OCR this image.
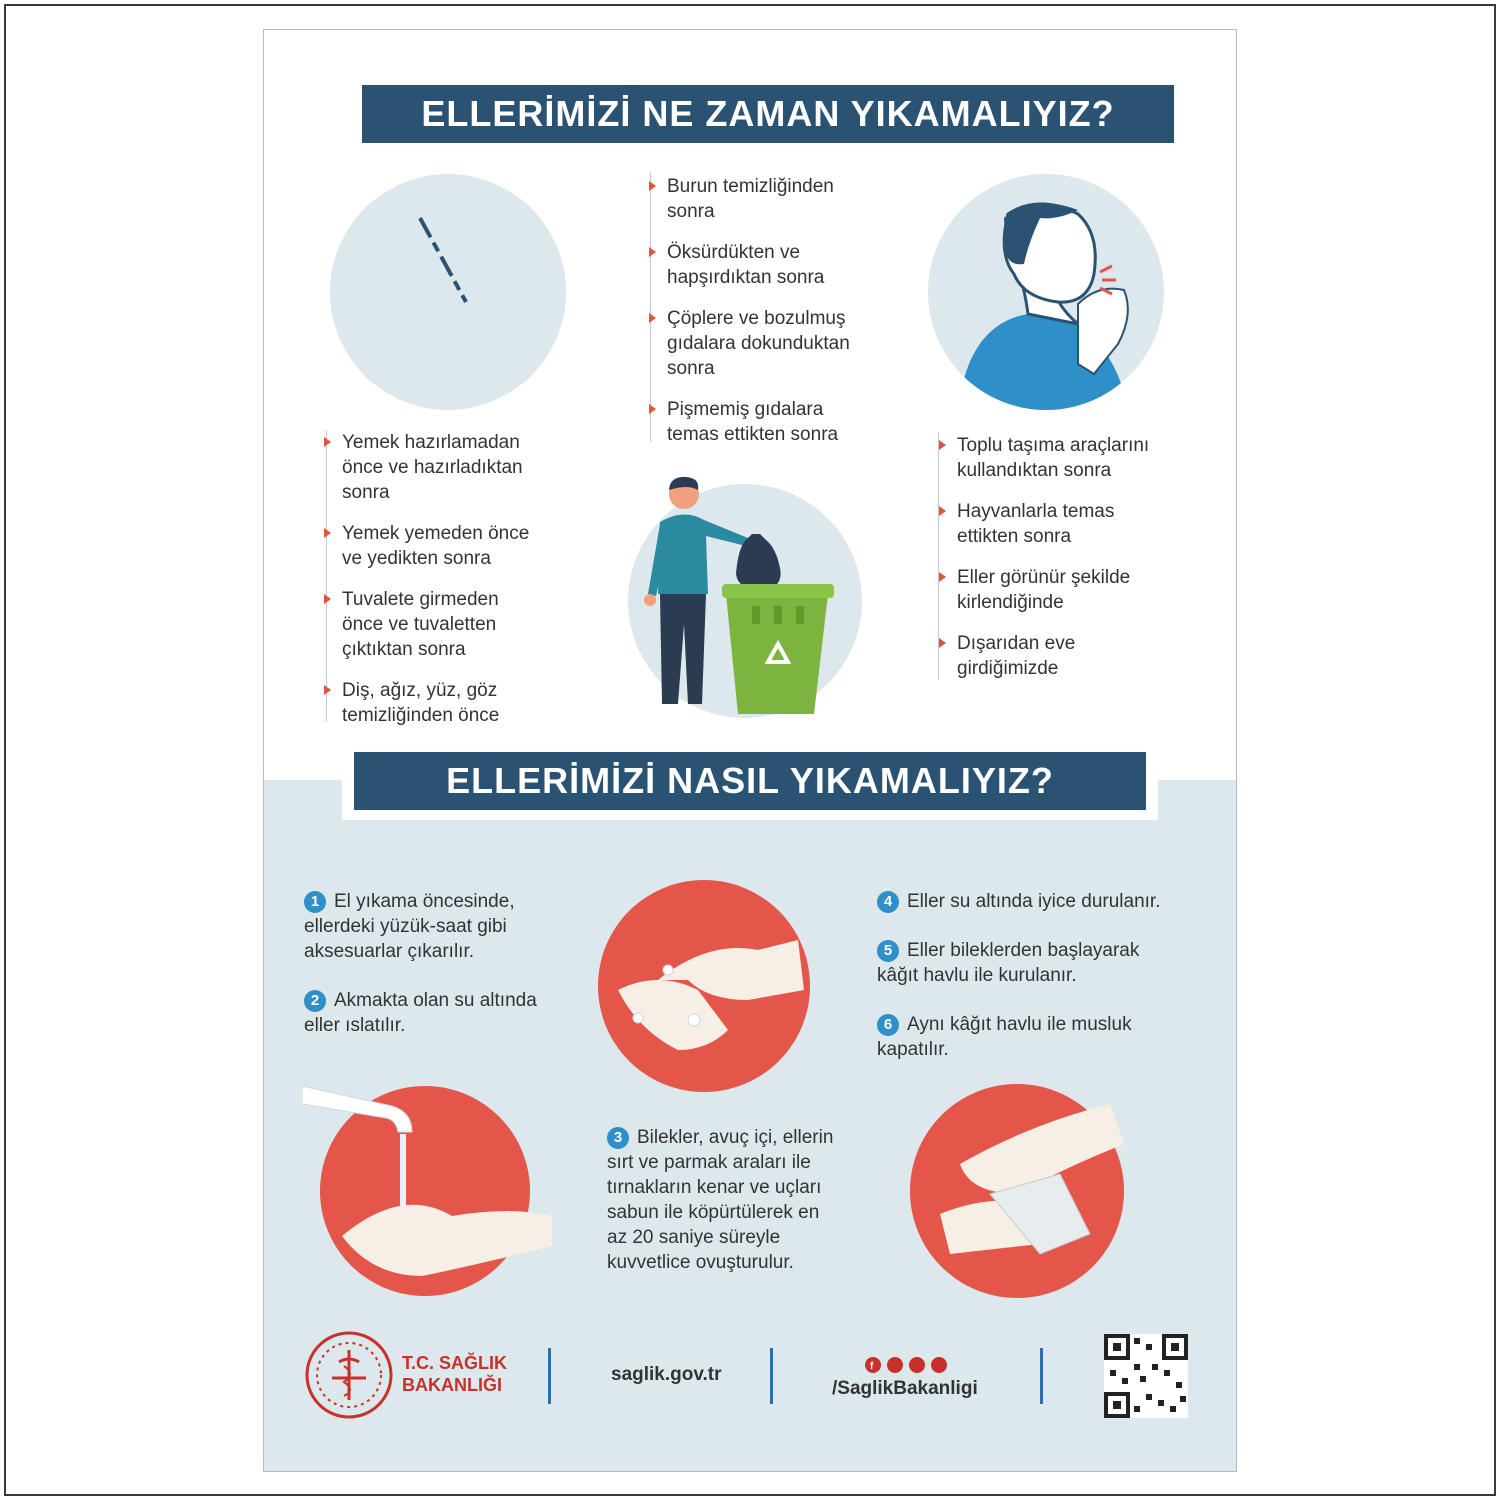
ELLERİMİZİ NE ZAMAN YIKAMALIYIZ?
Yemek hazırlamadan önce ve hazırladıktan sonra
Yemek yemeden önce ve yedikten sonra
Tuvalete girmeden önce ve tuvaletten çıktıktan sonra
Diş, ağız, yüz, göz temizliğinden önce
Burun temizliğinden sonra
Öksürdükten ve hapşırdıktan sonra
Çöplere ve bozulmuş gıdalara dokunduktan sonra
Pişmemiş gıdalara temas ettikten sonra
Toplu taşıma araçlarını kullandıktan sonra
Hayvanlarla temas ettikten sonra
Eller görünür şekilde kirlendiğinde
Dışarıdan eve girdiğimizde
ELLERİMİZİ NASIL YIKAMALIYIZ?
1 El yıkama öncesinde, ellerdeki yüzük-saat gibi aksesuarlar çıkarılır.
2 Akmakta olan su altında eller ıslatılır.
4 Eller su altında iyice durulanır.
5 Eller bileklerden başlayarak kâğıt havlu ile kurulanır.
6 Aynı kâğıt havlu ile musluk kapatılır.
3 Bilekler, avuç içi, ellerin sırt ve parmak araları ile tırnakların kenar ve uçları sabun ile köpürtülerek en az 20 saniye süreyle kuvvetlice ovuşturulur.
T.C. SAĞLIK
BAKANLIĞI	saglik.gov.tr	f
/SaglikBakanligi
